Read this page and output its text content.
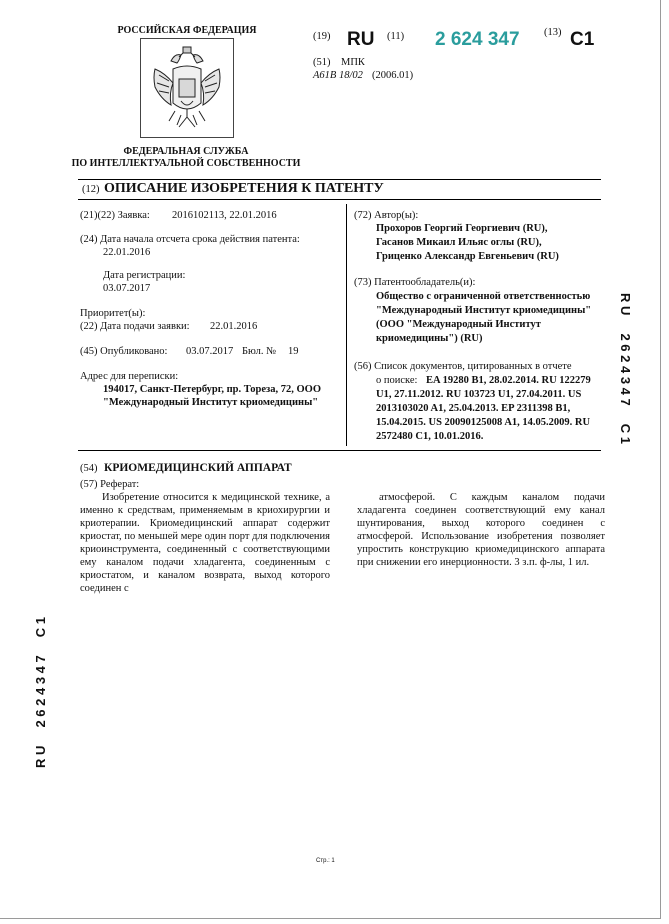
РОССИЙСКАЯ ФЕДЕРАЦИЯ
ФЕДЕРАЛЬНАЯ СЛУЖБА
ПО ИНТЕЛЛЕКТУАЛЬНОЙ СОБСТВЕННОСТИ
(19) RU (11) 2 624 347 (13) C1
(51) МПК
A61B 18/02 (2006.01)
(12) ОПИСАНИЕ ИЗОБРЕТЕНИЯ К ПАТЕНТУ
(21)(22) Заявка: 2016102113, 22.01.2016
(24) Дата начала отсчета срока действия патента:
22.01.2016
Дата регистрации:
03.07.2017
Приоритет(ы):
(22) Дата подачи заявки: 22.01.2016
(45) Опубликовано: 03.07.2017 Бюл. № 19
Адрес для переписки:
194017, Санкт-Петербург, пр. Тореза, 72, ООО
"Международный Институт криомедицины"
(72) Автор(ы):
Прохоров Георгий Георгиевич (RU),
Гасанов Микаил Ильяс оглы (RU),
Гриценко Александр Евгеньевич (RU)
(73) Патентообладатель(и):
Общество с ограниченной ответственностью
"Международный Институт криомедицины"
(ООО "Международный Институт
криомедицины") (RU)
(56) Список документов, цитированных в отчете
о поиске: EA 19280 B1, 28.02.2014. RU 122279
U1, 27.11.2012. RU 103723 U1, 27.04.2011. US
2013103020 A1, 25.04.2013. EP 2311398 B1,
15.04.2015. US 20090125008 A1, 14.05.2009. RU
2572480 C1, 10.01.2016.
(54) КРИОМЕДИЦИНСКИЙ АППАРАТ
(57) Реферат:
Изобретение относится к медицинской технике, а именно к средствам, применяемым в криохирургии и криотерапии. Криомедицинский аппарат содержит криостат, по меньшей мере один порт для подключения криоинструмента, соединенный с соответствующими ему каналом подачи хладагента, соединенным с криостатом, и каналом возврата, выход которого соединен с
атмосферой. С каждым каналом подачи хладагента соединен соответствующий ему канал шунтирования, выход которого соединен с атмосферой. Использование изобретения позволяет упростить конструкцию криомедицинского аппарата при снижении его инерционности. 3 з.п. ф-лы, 1 ил.
R U     2 6 2 4 3 4 7     C 1
R U     2 6 2 4 3 4 7     C 1
Стр.: 1
